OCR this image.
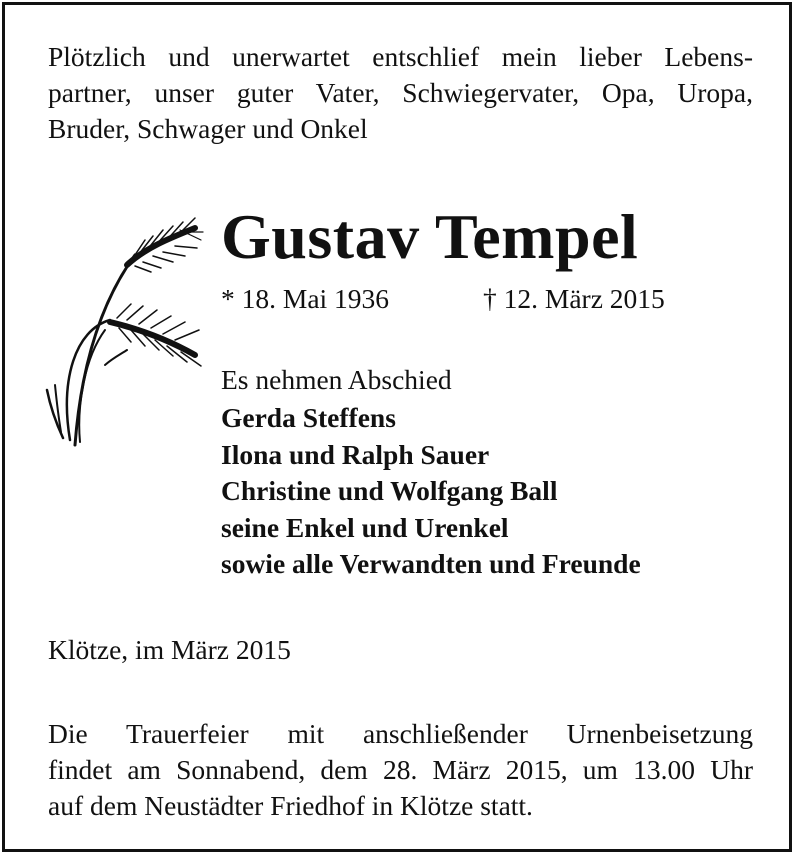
Plötzlich und unerwartet entschlief mein lieber Lebens-
partner, unser guter Vater, Schwiegervater, Opa, Uropa,
Bruder, Schwager und Onkel
Gustav Tempel
* 18. Mai 1936	† 12. März 2015
Es nehmen Abschied
Gerda Steffens
Ilona und Ralph Sauer
Christine und Wolfgang Ball
seine Enkel und Urenkel
sowie alle Verwandten und Freunde
Klötze, im März 2015
Die Trauerfeier mit anschließender Urnenbeisetzung
findet am Sonnabend, dem 28. März 2015, um 13.00 Uhr
auf dem Neustädter Friedhof in Klötze statt.
